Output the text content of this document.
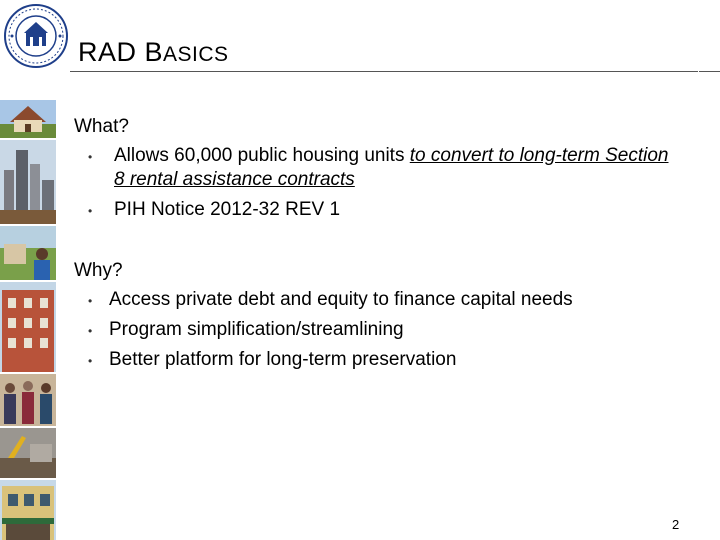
RAD BASICS
What?
• Allows 60,000 public housing units to convert to long-term Section
8 rental assistance contracts
• PIH Notice 2012-32 REV 1
Why?
• Access private debt and equity to finance capital needs
• Program simplification/streamlining
• Better platform for long-term preservation
2
